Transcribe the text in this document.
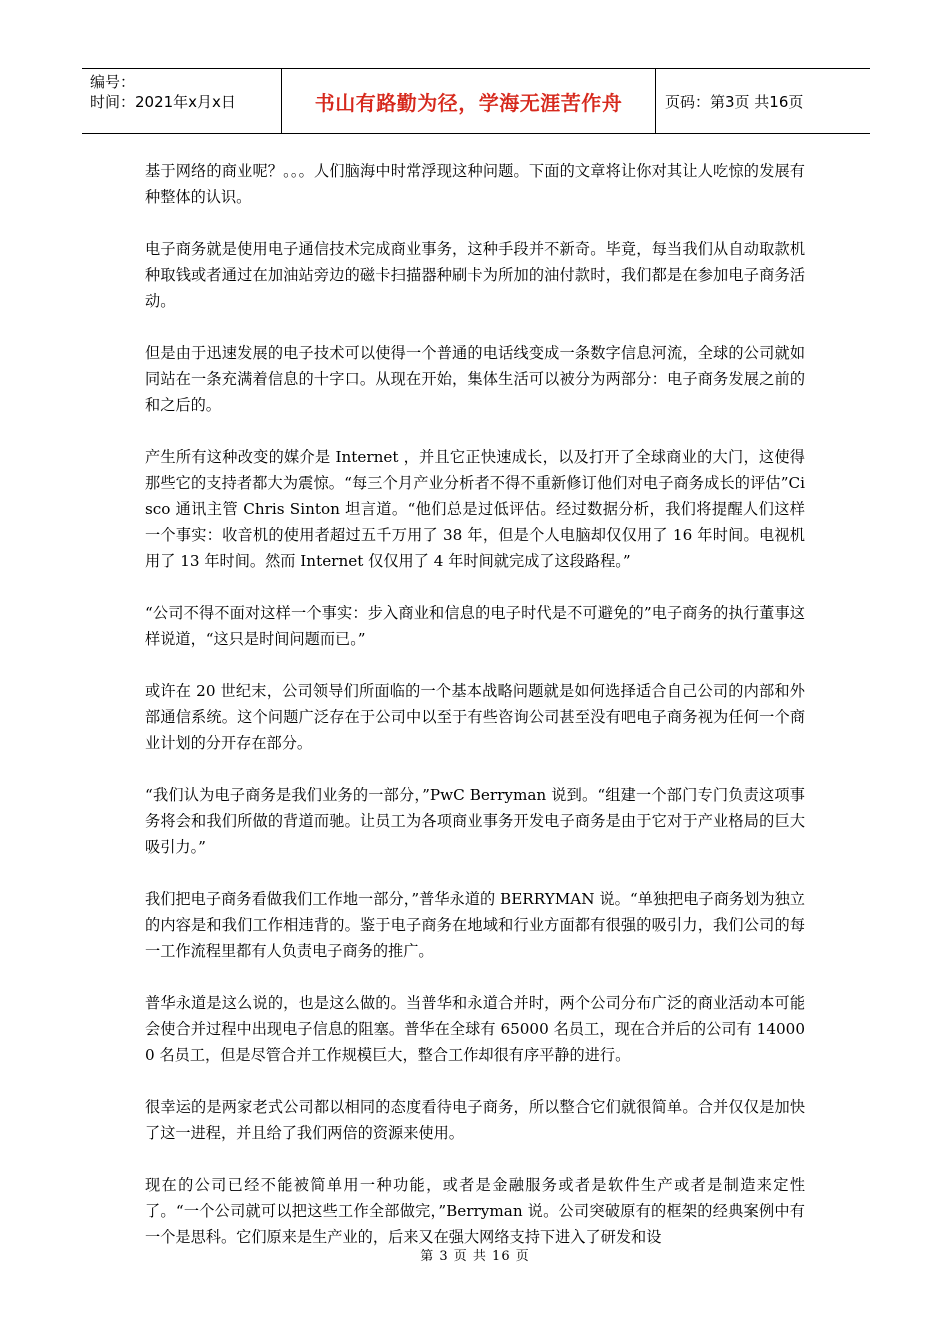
编号：
时间：2021年x月x日	书山有路勤为径，学海无涯苦作舟	页码：第3页 共16页

基于网络的商业呢？。。。人们脑海中时常浮现这种问题。下面的文章将让你对其让人吃惊的发展有种整体的认识。

电子商务就是使用电子通信技术完成商业事务，这种手段并不新奇。毕竟，每当我们从自动取款机种取钱或者通过在加油站旁边的磁卡扫描器种刷卡为所加的油付款时，我们都是在参加电子商务活动。

但是由于迅速发展的电子技术可以使得一个普通的电话线变成一条数字信息河流，全球的公司就如同站在一条充满着信息的十字口。从现在开始，集体生活可以被分为两部分：电子商务发展之前的和之后的。

产生所有这种改变的媒介是 Internet ，并且它正快速成长，以及打开了全球商业的大门，这使得那些它的支持者都大为震惊。“每三个月产业分析者不得不重新修订他们对电子商务成长的评估”Cisco 通讯主管 Chris Sinton 坦言道。“他们总是过低评估。经过数据分析，我们将提醒人们这样一个事实：收音机的使用者超过五千万用了 38 年，但是个人电脑却仅仅用了 16 年时间。电视机用了 13 年时间。然而 Internet 仅仅用了 4 年时间就完成了这段路程。”

“公司不得不面对这样一个事实：步入商业和信息的电子时代是不可避免的”电子商务的执行董事这样说道，“这只是时间问题而已。”

或许在 20 世纪末，公司领导们所面临的一个基本战略问题就是如何选择适合自己公司的内部和外部通信系统。这个问题广泛存在于公司中以至于有些咨询公司甚至没有吧电子商务视为任何一个商业计划的分开存在部分。

“我们认为电子商务是我们业务的一部分，”PwC Berryman 说到。“组建一个部门专门负责这项事务将会和我们所做的背道而驰。让员工为各项商业事务开发电子商务是由于它对于产业格局的巨大吸引力。”

我们把电子商务看做我们工作地一部分，”普华永道的 BERRYMAN 说。“单独把电子商务划为独立的内容是和我们工作相违背的。鉴于电子商务在地域和行业方面都有很强的吸引力，我们公司的每一工作流程里都有人负责电子商务的推广。

普华永道是这么说的，也是这么做的。当普华和永道合并时，两个公司分布广泛的商业活动本可能会使合并过程中出现电子信息的阻塞。普华在全球有 65000 名员工，现在合并后的公司有 140000 名员工，但是尽管合并工作规模巨大，整合工作却很有序平静的进行。

很幸运的是两家老式公司都以相同的态度看待电子商务，所以整合它们就很简单。合并仅仅是加快了这一进程，并且给了我们两倍的资源来使用。

现在的公司已经不能被简单用一种功能，或者是金融服务或者是软件生产或者是制造来定性了。“一个公司就可以把这些工作全部做完，”Berryman 说。公司突破原有的框架的经典案例中有一个是思科。它们原来是生产业的，后来又在强大网络支持下进入了研发和设

第 3 页 共 16 页
